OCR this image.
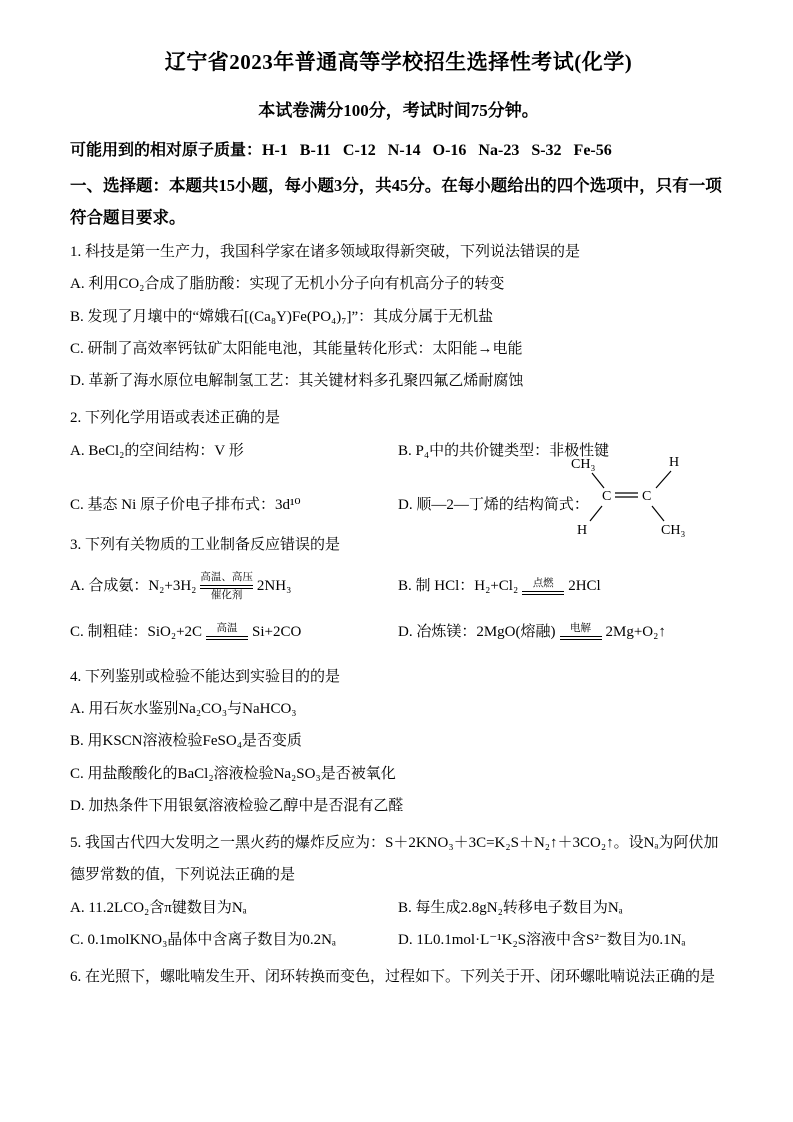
辽宁省2023年普通高等学校招生选择性考试(化学)

本试卷满分100分，考试时间75分钟。

可能用到的相对原子质量：H-1   B-11   C-12   N-14   O-16   Na-23   S-32   Fe-56

一、选择题：本题共15小题，每小题3分，共45分。在每小题给出的四个选项中，只有一项符合题目要求。

1. 科技是第一生产力，我国科学家在诸多领域取得新突破，下列说法错误的是

A. 利用CO₂合成了脂肪酸：实现了无机小分子向有机高分子的转变

B. 发现了月壤中的“嫦娥石[(Ca₈Y)Fe(PO₄)₇]”：其成分属于无机盐

C. 研制了高效率钙钛矿太阳能电池，其能量转化形式：太阳能→电能

D. 革新了海水原位电解制氢工艺：其关键材料多孔聚四氟乙烯耐腐蚀

2. 下列化学用语或表述正确的是

A. BeCl₂的空间结构：V 形	B. P₄中的共价键类型：非极性键
C. 基态 Ni 原子价电子排布式：3d¹⁰	D. 顺—2—丁烯的结构简式：
CH₃	H
C C
H	CH₃

3. 下列有关物质的工业制备反应错误的是

A. 合成氨：N₂+3H₂
高温、高压
催化剂
2NH₃	B. 制 HCl：H₂+Cl₂ 点燃 2HCl
C. 制粗硅：SiO₂+2C 高温 Si+2CO	D. 冶炼镁：2MgO(熔融) 电解 2Mg+O₂↑

4. 下列鉴别或检验不能达到实验目的的是

A. 用石灰水鉴别Na₂CO₃与NaHCO₃

B. 用KSCN溶液检验FeSO₄是否变质

C. 用盐酸酸化的BaCl₂溶液检验Na₂SO₃是否被氧化

D. 加热条件下用银氨溶液检验乙醇中是否混有乙醛

5. 我国古代四大发明之一黑火药的爆炸反应为：S＋2KNO₃＋3C=K₂S＋N₂↑＋3CO₂↑。设Nₐ为阿伏加德罗常数的值，下列说法正确的是

A. 11.2LCO₂含π键数目为Nₐ	B. 每生成2.8gN₂转移电子数目为Nₐ
C. 0.1molKNO₃晶体中含离子数目为0.2Nₐ	D. 1L0.1mol·L⁻¹K₂S溶液中含S²⁻数目为0.1Nₐ

6. 在光照下，螺吡喃发生开、闭环转换而变色，过程如下。下列关于开、闭环螺吡喃说法正确的是
